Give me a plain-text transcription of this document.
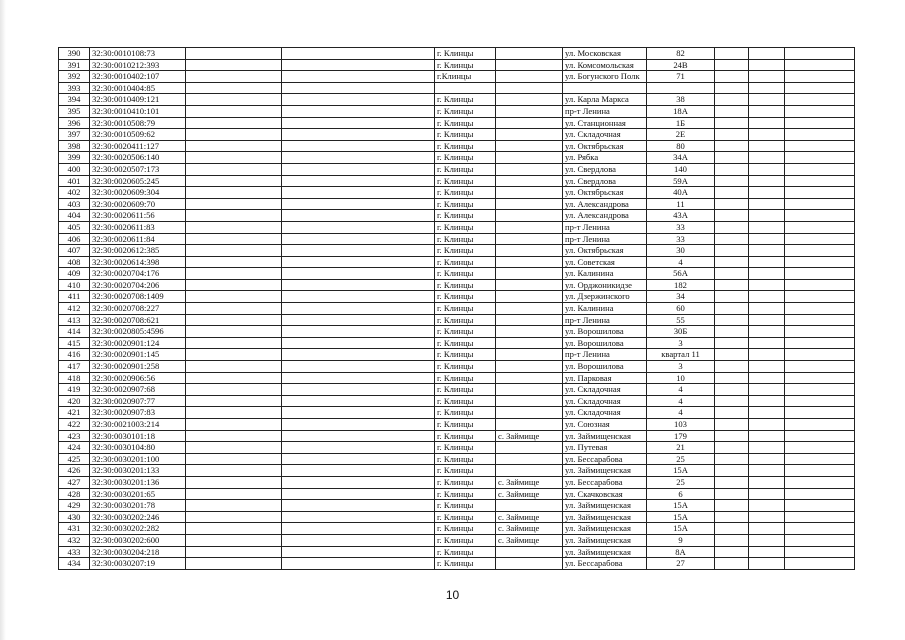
390	32:30:0010108:73			г. Клинцы		ул. Московская	82			
391	32:30:0010212:393			г. Клинцы		ул. Комсомольская	24В			
392	32:30:0010402:107			г.Клинцы		ул. Богунского Полк	71			
393	32:30:0010404:85									
394	32:30:0010409:121			г. Клинцы		ул. Карла Маркса	38			
395	32:30:0010410:101			г. Клинцы		пр-т Ленина	18А			
396	32:30:0010508:79			г. Клинцы		ул. Станционная	1Б			
397	32:30:0010509:62			г. Клинцы		ул. Складочная	2Е			
398	32:30:0020411:127			г. Клинцы		ул. Октябрьская	80			
399	32:30:0020506:140			г. Клинцы		ул. Рябка	34А			
400	32:30:0020507:173			г. Клинцы		ул. Свердлова	140			
401	32:30:0020605:245			г. Клинцы		ул. Свердлова	59А			
402	32:30:0020609:304			г. Клинцы		ул. Октябрьская	40А			
403	32:30:0020609:70			г. Клинцы		ул. Александрова	11			
404	32:30:0020611:56			г. Клинцы		ул. Александрова	43А			
405	32:30:0020611:83			г. Клинцы		пр-т Ленина	33			
406	32:30:0020611:84			г. Клинцы		пр-т Ленина	33			
407	32:30:0020612:385			г. Клинцы		ул. Октябрьская	30			
408	32:30:0020614:398			г. Клинцы		ул. Советская	4			
409	32:30:0020704:176			г. Клинцы		ул. Калинина	56А			
410	32:30:0020704:206			г. Клинцы		ул. Орджоникидзе	182			
411	32:30:0020708:1409			г. Клинцы		ул. Дзержинского	34			
412	32:30:0020708:227			г. Клинцы		ул. Калинина	60			
413	32:30:0020708:621			г. Клинцы		пр-т Ленина	55			
414	32:30:0020805:4596			г. Клинцы		ул. Ворошилова	30Б			
415	32:30:0020901:124			г. Клинцы		ул. Ворошилова	3			
416	32:30:0020901:145			г. Клинцы		пр-т Ленина	квартал 11			
417	32:30:0020901:258			г. Клинцы		ул. Ворошилова	3			
418	32:30:0020906:56			г. Клинцы		ул. Парковая	10			
419	32:30:0020907:68			г. Клинцы		ул. Складочная	4			
420	32:30:0020907:77			г. Клинцы		ул. Складочная	4			
421	32:30:0020907:83			г. Клинцы		ул. Складочная	4			
422	32:30:0021003:214			г. Клинцы		ул. Союзная	103			
423	32:30:0030101:18			г. Клинцы	с. Займище	ул. Займищенская	179			
424	32:30:0030104:80			г. Клинцы		ул. Путевая	21			
425	32:30:0030201:100			г. Клинцы		ул. Бессарабова	25			
426	32:30:0030201:133			г. Клинцы		ул. Займищенская	15А			
427	32:30:0030201:136			г. Клинцы	с. Займище	ул. Бессарабова	25			
428	32:30:0030201:65			г. Клинцы	с. Займище	ул. Скачковская	6			
429	32:30:0030201:78			г. Клинцы		ул. Займищенская	15А			
430	32:30:0030202:246			г. Клинцы	с. Займище	ул. Займищенская	15А			
431	32:30:0030202:282			г. Клинцы	с. Займище	ул. Займищенская	15А			
432	32:30:0030202:600			г. Клинцы	с. Займище	ул. Займищенская	9			
433	32:30:0030204:218			г. Клинцы		ул. Займищенская	8А			
434	32:30:0030207:19			г. Клинцы		ул. Бессарабова	27			
10
